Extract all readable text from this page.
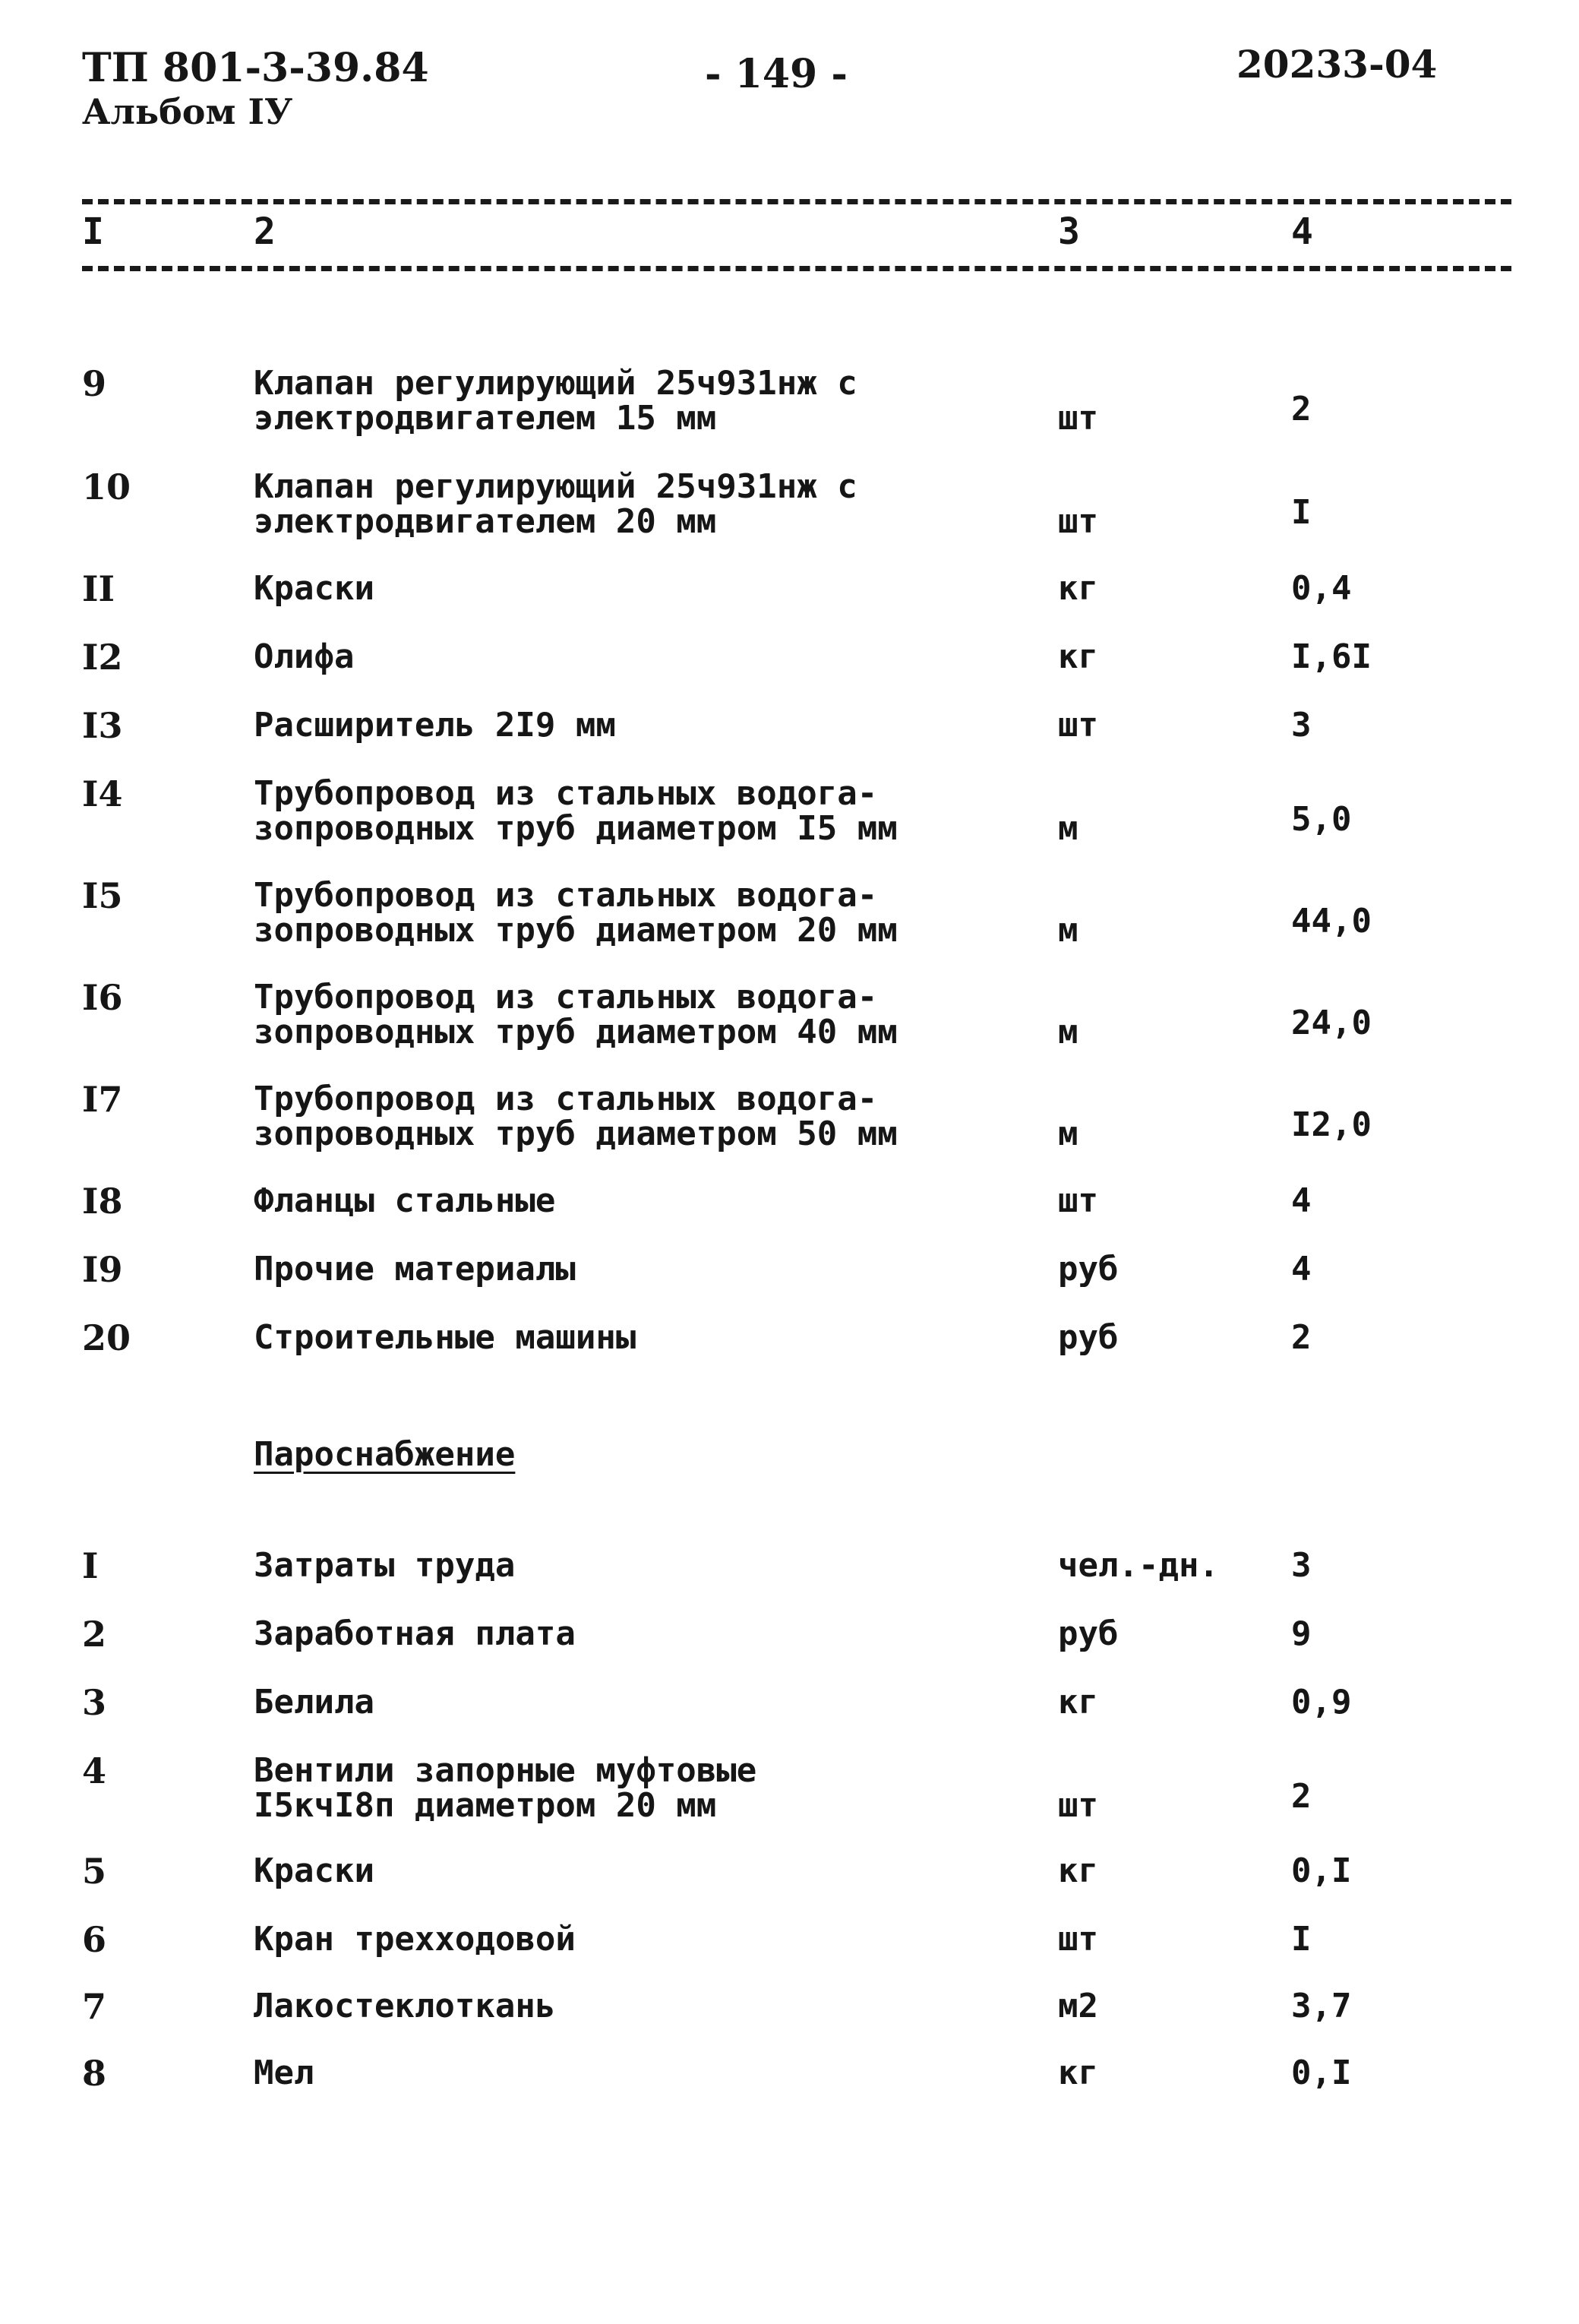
ТП 801-3-39.84
Альбом IУ
- 149 -	20233-04
I	2	3	4
9	Клапан регулирующий 25ч931нж с
электродвигателем 15 мм	шт	2
10	Клапан регулирующий 25ч931нж с
электродвигателем 20 мм	шт	I
II	Краски	кг	0,4
I2	Олифа	кг	I,6I
I3	Расширитель 2I9 мм	шт	3
I4	Трубопровод из стальных водога-
зопроводных труб диаметром I5 мм	м	5,0
I5	Трубопровод из стальных водога-
зопроводных труб диаметром 20 мм	м	44,0
I6	Трубопровод из стальных водога-
зопроводных труб диаметром 40 мм	м	24,0
I7	Трубопровод из стальных водога-
зопроводных труб диаметром 50 мм	м	I2,0
I8	Фланцы стальные	шт	4
I9	Прочие материалы	руб	4
20	Строительные машины	руб	2
Пароснабжение
I	Затраты труда	чел.-дн. 3
2	Заработная плата	руб	9
3	Белила	кг	0,9
4	Вентили запорные муфтовые
I5кчI8п диаметром 20 мм	шт	2
5	Краски	кг	0,I
6	Кран трехходовой	шт	I
7	Лакостеклоткань	м2	3,7
8	Мел	кг	0,I
